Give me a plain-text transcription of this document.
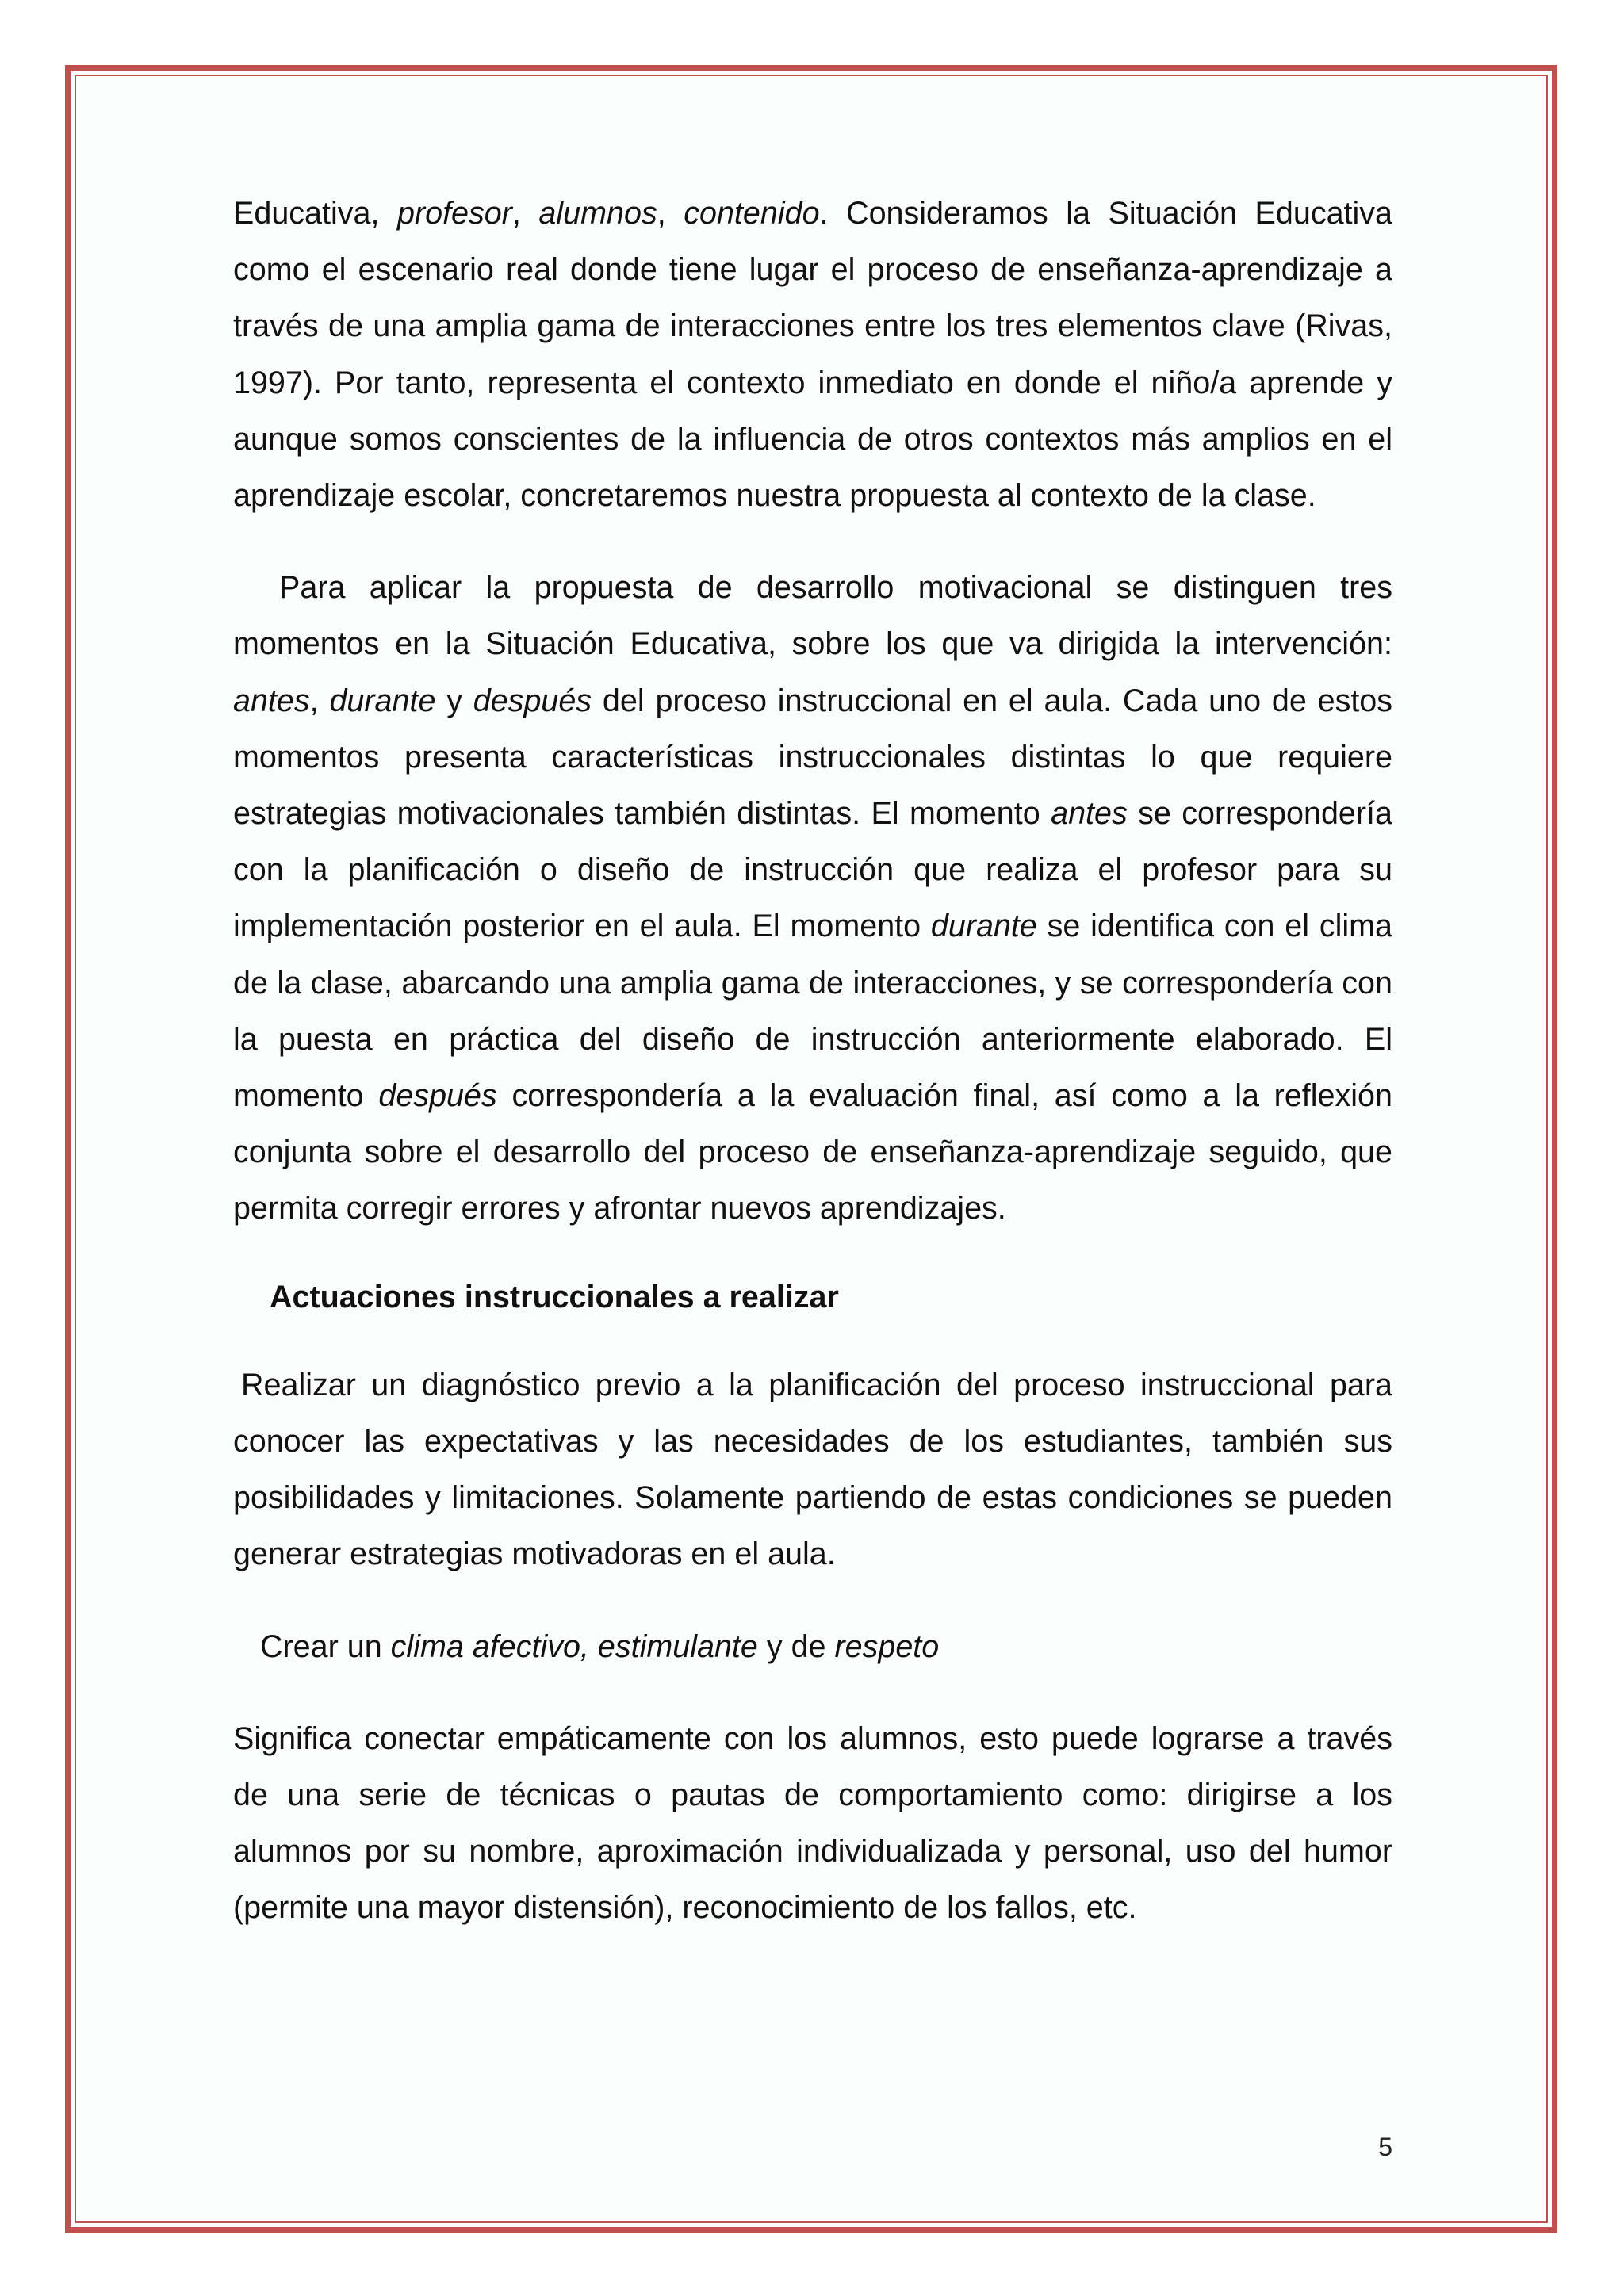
Educativa, profesor, alumnos, contenido. Consideramos la Situación Educativa como el escenario real donde tiene lugar el proceso de enseñanza-aprendizaje a través de una amplia gama de interacciones entre los tres elementos clave (Rivas, 1997). Por tanto, representa el contexto inmediato en donde el niño/a aprende y aunque somos conscientes de la influencia de otros contextos más amplios en el aprendizaje escolar, concretaremos nuestra propuesta al contexto de la clase.

Para aplicar la propuesta de desarrollo motivacional se distinguen tres momentos en la Situación Educativa, sobre los que va dirigida la intervención: antes, durante y después del proceso instruccional en el aula. Cada uno de estos momentos presenta características instruccionales distintas lo que requiere estrategias motivacionales también distintas. El momento antes se correspondería con la planificación o diseño de instrucción que realiza el profesor para su implementación posterior en el aula. El momento durante se identifica con el clima de la clase, abarcando una amplia gama de interacciones, y se correspondería con la puesta en práctica del diseño de instrucción anteriormente elaborado. El momento después correspondería a la evaluación final, así como a la reflexión conjunta sobre el desarrollo del proceso de enseñanza-aprendizaje seguido, que permita corregir errores y afrontar nuevos aprendizajes.

Actuaciones instruccionales a realizar

Realizar un diagnóstico previo a la planificación del proceso instruccional para conocer las expectativas y las necesidades de los estudiantes, también sus posibilidades y limitaciones. Solamente partiendo de estas condiciones se pueden generar estrategias motivadoras en el aula.

Crear un clima afectivo, estimulante y de respeto

Significa conectar empáticamente con los alumnos, esto puede lograrse a través de una serie de técnicas o pautas de comportamiento como: dirigirse a los alumnos por su nombre, aproximación individualizada y personal, uso del humor (permite una mayor distensión), reconocimiento de los fallos, etc.

5
